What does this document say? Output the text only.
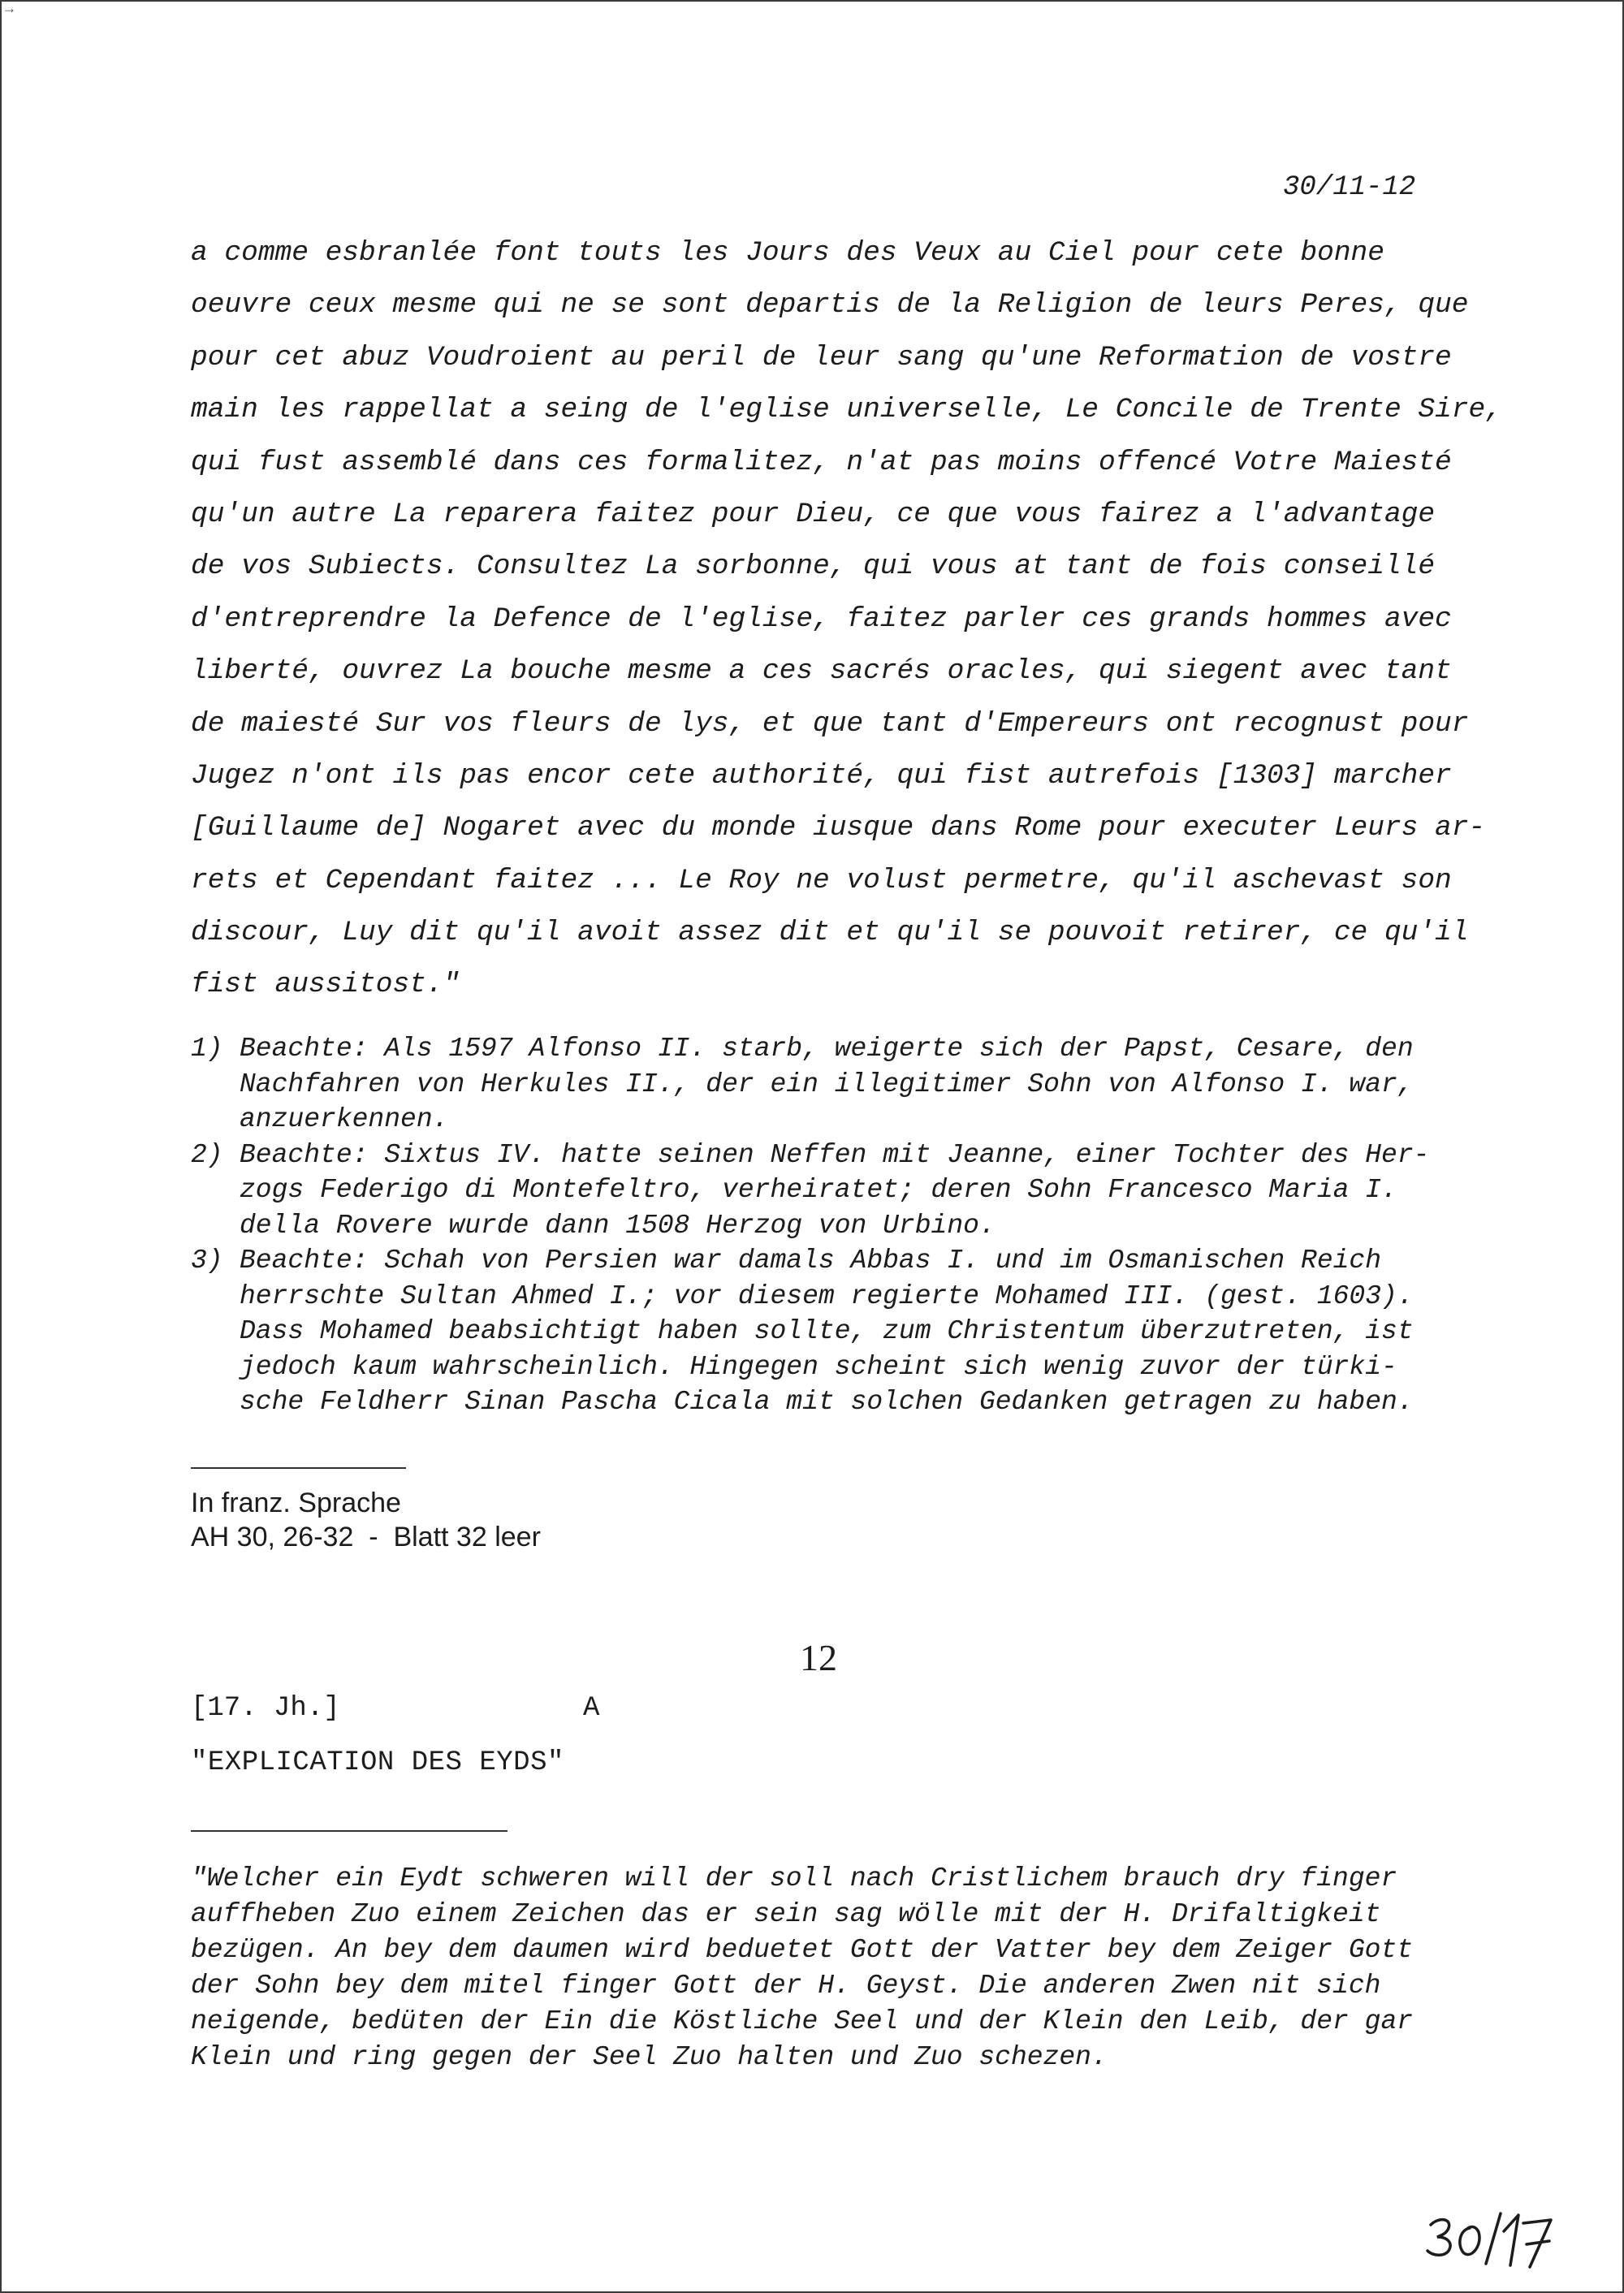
→
30/11-12
a comme esbranlée font touts les Jours des Veux au Ciel pour cete bonne
oeuvre ceux mesme qui ne se sont departis de la Religion de leurs Peres, que
pour cet abuz Voudroient au peril de leur sang qu'une Reformation de vostre
main les rappellat a seing de l'eglise universelle, Le Concile de Trente Sire,
qui fust assemblé dans ces formalitez, n'at pas moins offencé Votre Maiesté
qu'un autre La reparera faitez pour Dieu, ce que vous fairez a l'advantage
de vos Subiects. Consultez La sorbonne, qui vous at tant de fois conseillé
d'entreprendre la Defence de l'eglise, faitez parler ces grands hommes avec
liberté, ouvrez La bouche mesme a ces sacrés oracles, qui siegent avec tant
de maiesté Sur vos fleurs de lys, et que tant d'Empereurs ont recognust pour
Jugez n'ont ils pas encor cete authorité, qui fist autrefois [1303] marcher
[Guillaume de] Nogaret avec du monde iusque dans Rome pour executer Leurs ar-
rets et Cependant faitez ... Le Roy ne volust permetre, qu'il aschevast son
discour, Luy dit qu'il avoit assez dit et qu'il se pouvoit retirer, ce qu'il
fist aussitost."
1) Beachte: Als 1597 Alfonso II. starb, weigerte sich der Papst, Cesare, den
Nachfahren von Herkules II., der ein illegitimer Sohn von Alfonso I. war,
anzuerkennen.
2) Beachte: Sixtus IV. hatte seinen Neffen mit Jeanne, einer Tochter des Her-
zogs Federigo di Montefeltro, verheiratet; deren Sohn Francesco Maria I.
della Rovere wurde dann 1508 Herzog von Urbino.
3) Beachte: Schah von Persien war damals Abbas I. und im Osmanischen Reich
herrschte Sultan Ahmed I.; vor diesem regierte Mohamed III. (gest. 1603).
Dass Mohamed beabsichtigt haben sollte, zum Christentum überzutreten, ist
jedoch kaum wahrscheinlich. Hingegen scheint sich wenig zuvor der türki-
sche Feldherr Sinan Pascha Cicala mit solchen Gedanken getragen zu haben.
In franz. Sprache
AH 30, 26-32  -  Blatt 32 leer
12
[17. Jh.]	A
"EXPLICATION DES EYDS"
"Welcher ein Eydt schweren will der soll nach Cristlichem brauch dry finger
auffheben Zuo einem Zeichen das er sein sag wölle mit der H. Drifaltigkeit
bezügen. An bey dem daumen wird beduetet Gott der Vatter bey dem Zeiger Gott
der Sohn bey dem mitel finger Gott der H. Geyst. Die anderen Zwen nit sich
neigende, bedüten der Ein die Köstliche Seel und der Klein den Leib, der gar
Klein und ring gegen der Seel Zuo halten und Zuo schezen.
